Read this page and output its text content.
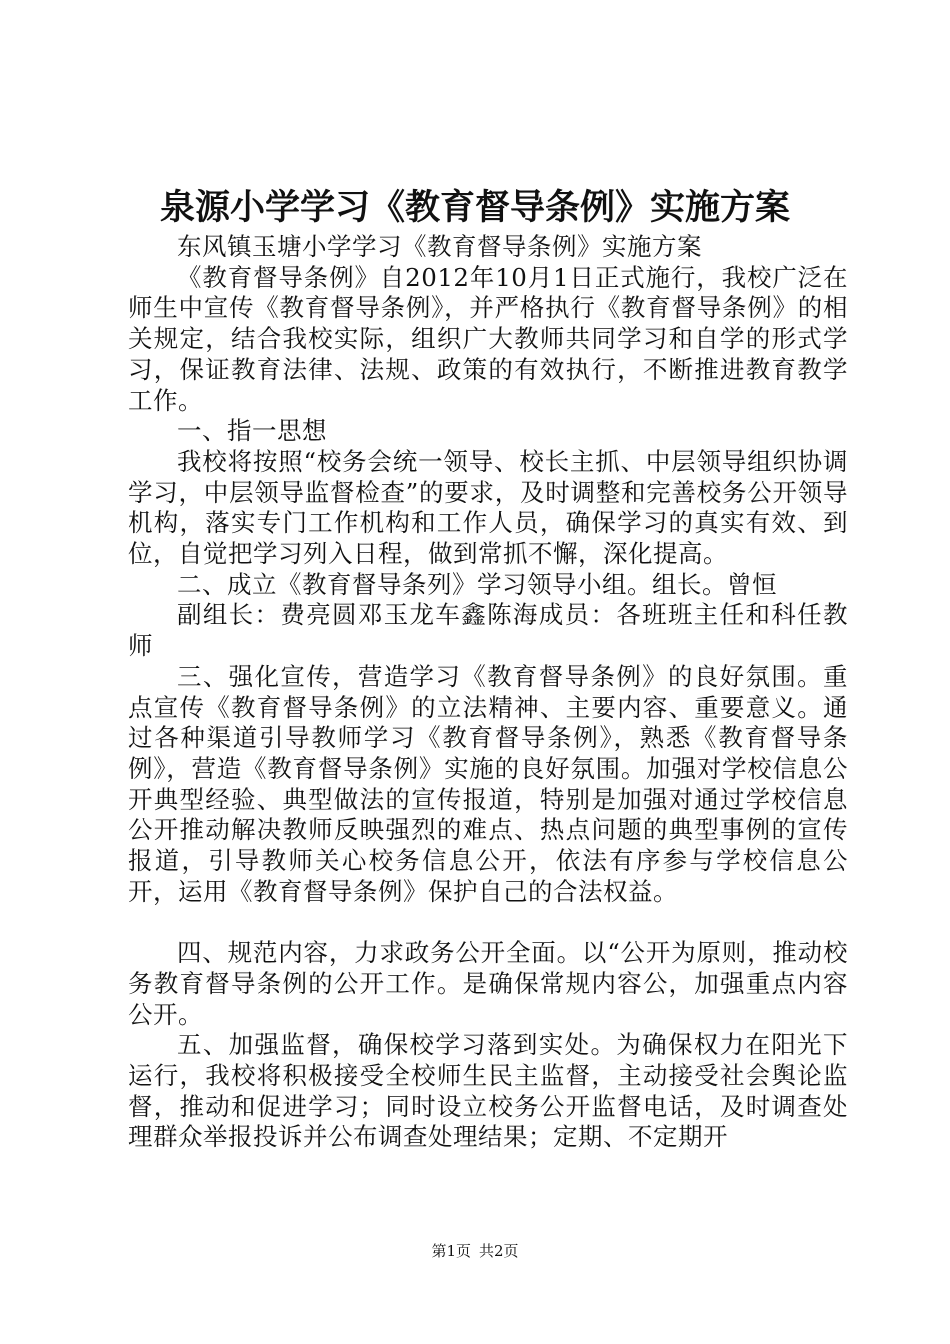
泉源小学学习《教育督导条例》实施方案

东风镇玉塘小学学习《教育督导条例》实施方案

《教育督导条例》自2012年10月1日正式施行，我校广泛在师生中宣传《教育督导条例》，并严格执行《教育督导条例》的相关规定，结合我校实际，组织广大教师共同学习和自学的形式学习，保证教育法律、法规、政策的有效执行，不断推进教育教学工作。

一、指一思想

我校将按照“校务会统一领导、校长主抓、中层领导组织协调学习，中层领导监督检查”的要求，及时调整和完善校务公开领导机构，落实专门工作机构和工作人员，确保学习的真实有效、到位，自觉把学习列入日程，做到常抓不懈，深化提高。

二、成立《教育督导条列》学习领导小组。组长。曾恒

副组长：费亮圆邓玉龙车鑫陈海成员：各班班主任和科任教师

三、强化宣传，营造学习《教育督导条例》的良好氛围。重点宣传《教育督导条例》的立法精神、主要内容、重要意义。通过各种渠道引导教师学习《教育督导条例》，熟悉《教育督导条例》，营造《教育督导条例》实施的良好氛围。加强对学校信息公开典型经验、典型做法的宣传报道，特别是加强对通过学校信息公开推动解决教师反映强烈的难点、热点问题的典型事例的宣传报道，引导教师关心校务信息公开，依法有序参与学校信息公开，运用《教育督导条例》保护自己的合法权益。

四、规范内容，力求政务公开全面。以“公开为原则，推动校务教育督导条例的公开工作。是确保常规内容公，加强重点内容公开。

五、加强监督，确保校学习落到实处。为确保权力在阳光下运行，我校将积极接受全校师生民主监督，主动接受社会舆论监督，推动和促进学习；同时设立校务公开监督电话，及时调查处理群众举报投诉并公布调查处理结果；定期、不定期开

第1页 共2页
